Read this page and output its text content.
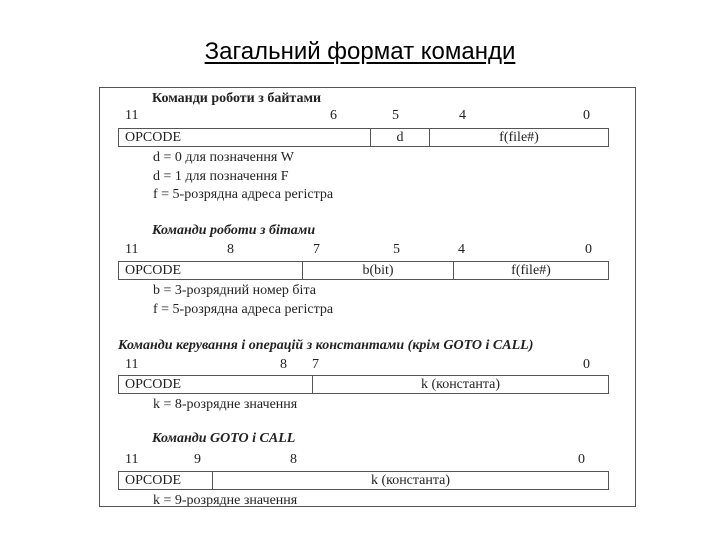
Загальний формат команди
Команди роботи з байтами
11	6	5	4	0
OPCODE	d	f(file#)
d = 0 для позначення W
d = 1 для позначення F
f = 5-розрядна адреса регістра
Команди роботи з бітами
11	8	7	5	4	0
OPCODE	b(bit)	f(file#)
b = 3-розрядний номер біта
f = 5-розрядна адреса регістра
Команди керування і операцій з константами (крім GOTO і CALL)
11	8 7	0
OPCODE	k (константа)
k = 8-розрядне значення
Команди GOTO і CALL
11	9	8	0
OPCODE	k (константа)
k = 9-розрядне значення
